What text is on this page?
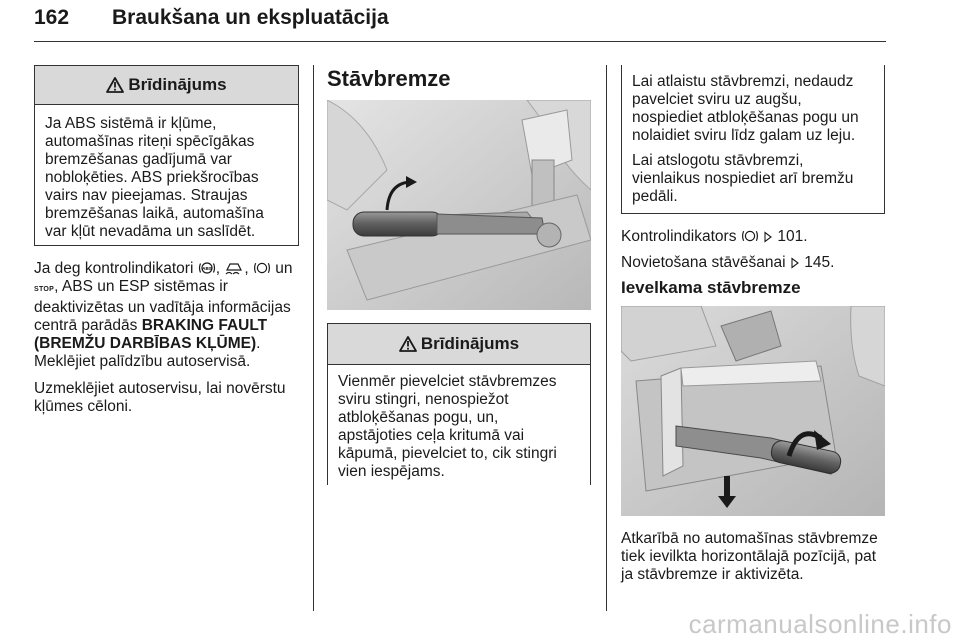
162 Braukšana un ekspluatācija
Brīdinājums

Ja ABS sistēmā ir kļūme,

automašīnas riteņi spēcīgākas

bremzēšanas gadījumā var

nobloķēties. ABS priekšrocības

vairs nav pieejamas. Straujas

bremzēšanas laikā, automašīna

var kļūt nevadāma un saslīdēt.

Ja deg kontrolindikatori ABS , , un

STOP, ABS un ESP sistēmas ir

deaktivizētas un vadītāja informācijas

centrā parādās BRAKING FAULT

(BREMŽU DARBĪBAS KĻŪME).

Meklējiet palīdzību autoservisā.

Uzmeklējiet autoservisu, lai novērstu

kļūmes cēloni.

Stāvbremze
Brīdinājums

Vienmēr pievelciet stāvbremzes

sviru stingri, nenospiežot

atbloķēšanas pogu, un,

apstājoties ceļa kritumā vai

kāpumā, pievelciet to, cik stingri

vien iespējams.

Lai atlaistu stāvbremzi, nedaudz

pavelciet sviru uz augšu,

nospiediet atbloķēšanas pogu un

nolaidiet sviru līdz galam uz leju.

Lai atslogotu stāvbremzi,

vienlaikus nospiediet arī bremžu

pedāli.

Kontrolindikators	101.

Novietošana stāvēšanai 145.

Ievelkama stāvbremze

Atkarībā no automašīnas stāvbremze

tiek ievilkta horizontālajā pozīcijā, pat

ja stāvbremze ir aktivizēta.

carmanualsonline.info
